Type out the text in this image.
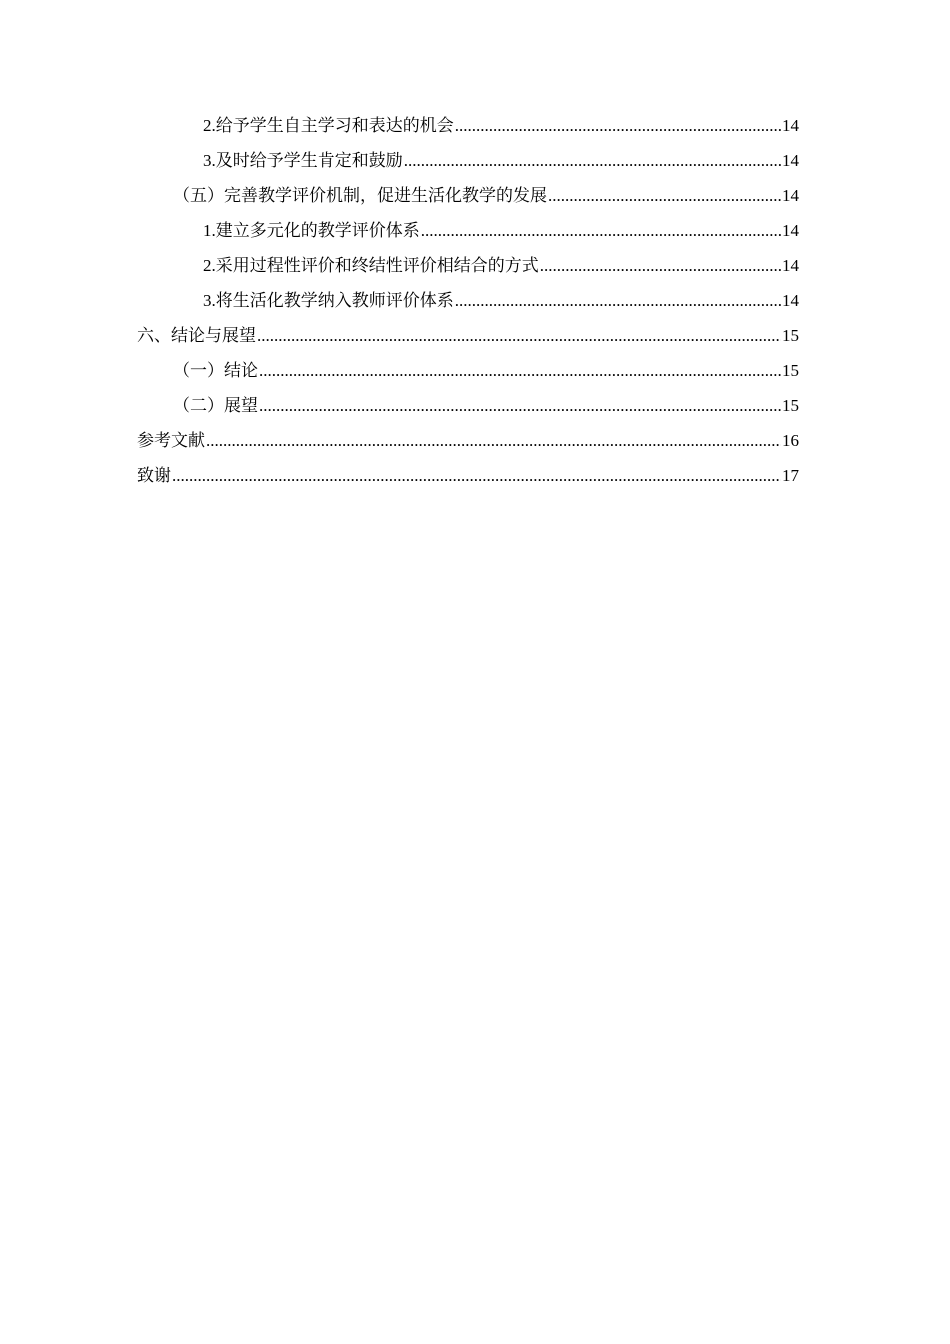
2. 给予学生自主学习和表达的机会 .....	14
3. 及时给予学生肯定和鼓励 .....	14
（五）完善教学评价机制，促进生活化教学的发展 .....	14
1. 建立多元化的教学评价体系 .....	14
2. 采用过程性评价和终结性评价相结合的方式 .....	14
3. 将生活化教学纳入教师评价体系 .....	14
六、结论与展望 .....	15
（一）结论 .....	15
（二）展望 .....	15
参考文献 .....	16
致谢 .....	17
